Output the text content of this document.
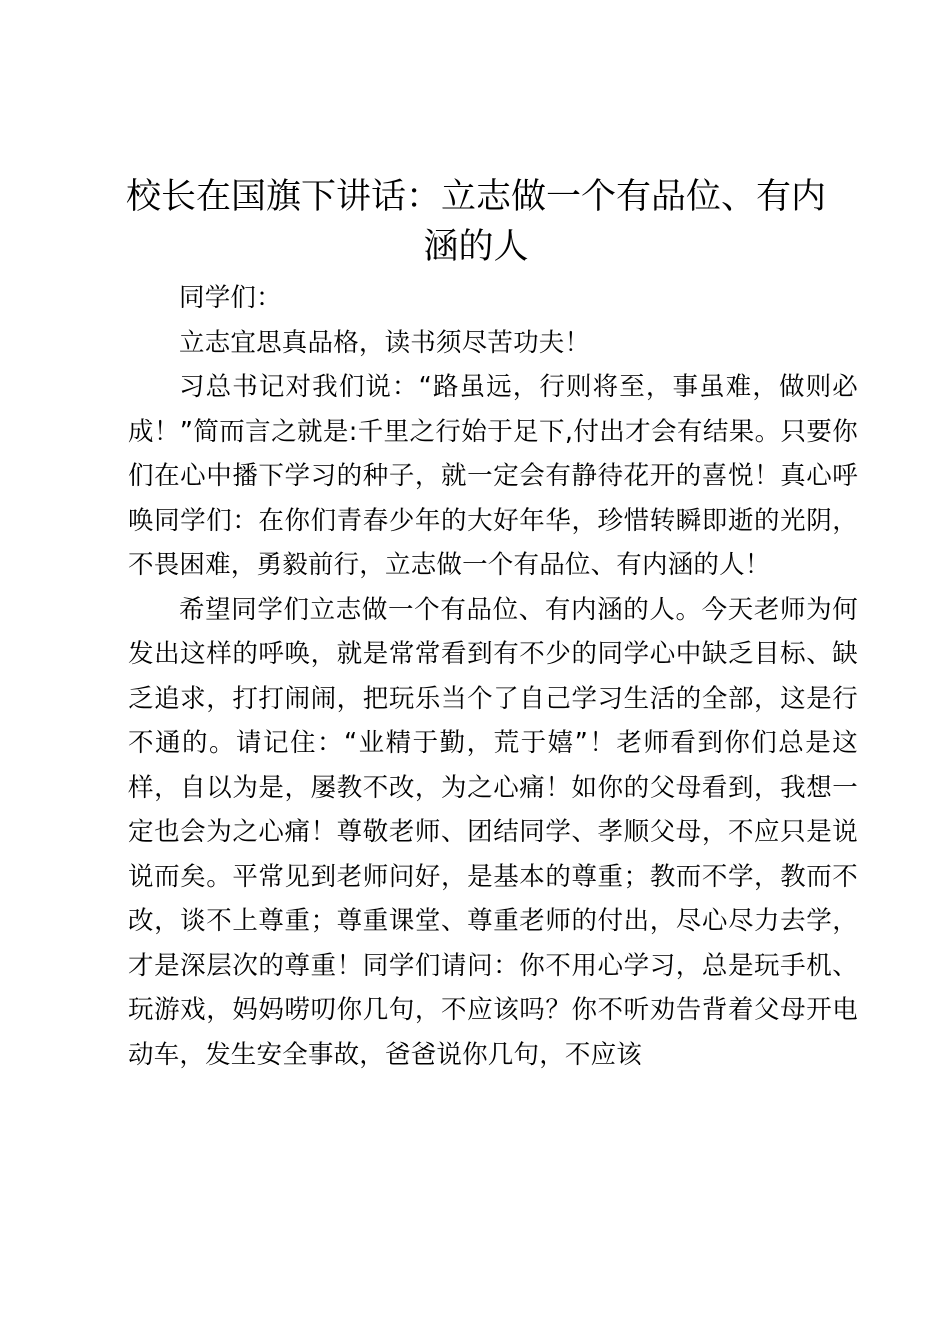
校长在国旗下讲话：立志做一个有品位、有内涵的人

同学们：

立志宜思真品格，读书须尽苦功夫！

习总书记对我们说：“路虽远，行则将至，事虽难，做则必成！”简而言之就是:千里之行始于足下,付出才会有结果。只要你们在心中播下学习的种子，就一定会有静待花开的喜悦！真心呼唤同学们：在你们青春少年的大好年华，珍惜转瞬即逝的光阴，不畏困难，勇毅前行，立志做一个有品位、有内涵的人！

希望同学们立志做一个有品位、有内涵的人。今天老师为何发出这样的呼唤，就是常常看到有不少的同学心中缺乏目标、缺乏追求，打打闹闹，把玩乐当个了自己学习生活的全部，这是行不通的。请记住：“业精于勤，荒于嬉”！老师看到你们总是这样，自以为是，屡教不改，为之心痛！如你的父母看到，我想一定也会为之心痛！尊敬老师、团结同学、孝顺父母，不应只是说说而矣。平常见到老师问好，是基本的尊重；教而不学，教而不改，谈不上尊重；尊重课堂、尊重老师的付出，尽心尽力去学，才是深层次的尊重！同学们请问：你不用心学习，总是玩手机、玩游戏，妈妈唠叨你几句，不应该吗？你不听劝告背着父母开电动车，发生安全事故，爸爸说你几句，不应该
